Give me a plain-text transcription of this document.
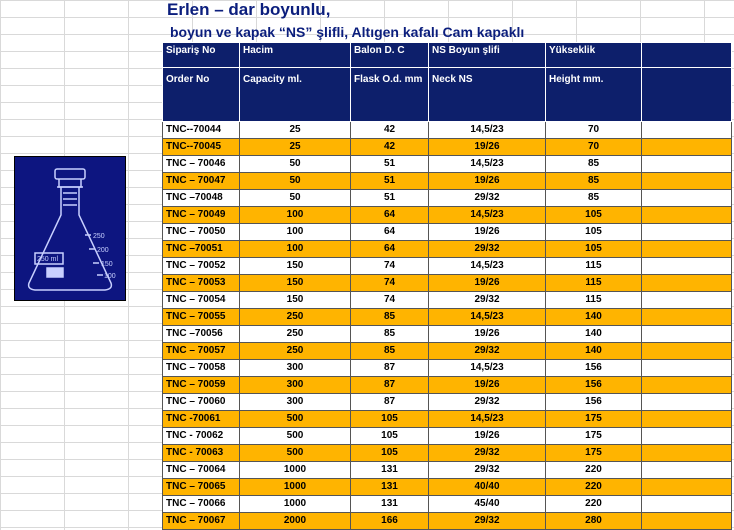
Erlen – dar boyunlu,
boyun ve kapak “NS” şlifli, Altıgen kafalı Cam kapaklı
250
200
150
100
250 ml
Sipariş No	Hacim	Balon D. C	NS Boyun şlifi	Yükseklik	
Order No	Capacity ml.	Flask O.d. mm	Neck NS	Height mm.	
TNC--70044	25	42	14,5/23	70	
TNC--70045	25	42	19/26	70	
TNC – 70046	50	51	14,5/23	85	
TNC – 70047	50	51	19/26	85	
TNC –70048	50	51	29/32	85	
TNC – 70049	100	64	14,5/23	105	
TNC – 70050	100	64	19/26	105	
TNC –70051	100	64	29/32	105	
TNC – 70052	150	74	14,5/23	115	
TNC – 70053	150	74	19/26	115	
TNC – 70054	150	74	29/32	115	
TNC – 70055	250	85	14,5/23	140	
TNC –70056	250	85	19/26	140	
TNC – 70057	250	85	29/32	140	
TNC – 70058	300	87	14,5/23	156	
TNC – 70059	300	87	19/26	156	
TNC – 70060	300	87	29/32	156	
TNC -70061	500	105	14,5/23	175	
TNC - 70062	500	105	19/26	175	
TNC - 70063	500	105	29/32	175	
TNC – 70064	1000	131	29/32	220	
TNC – 70065	1000	131	40/40	220	
TNC – 70066	1000	131	45/40	220	
TNC – 70067	2000	166	29/32	280	
